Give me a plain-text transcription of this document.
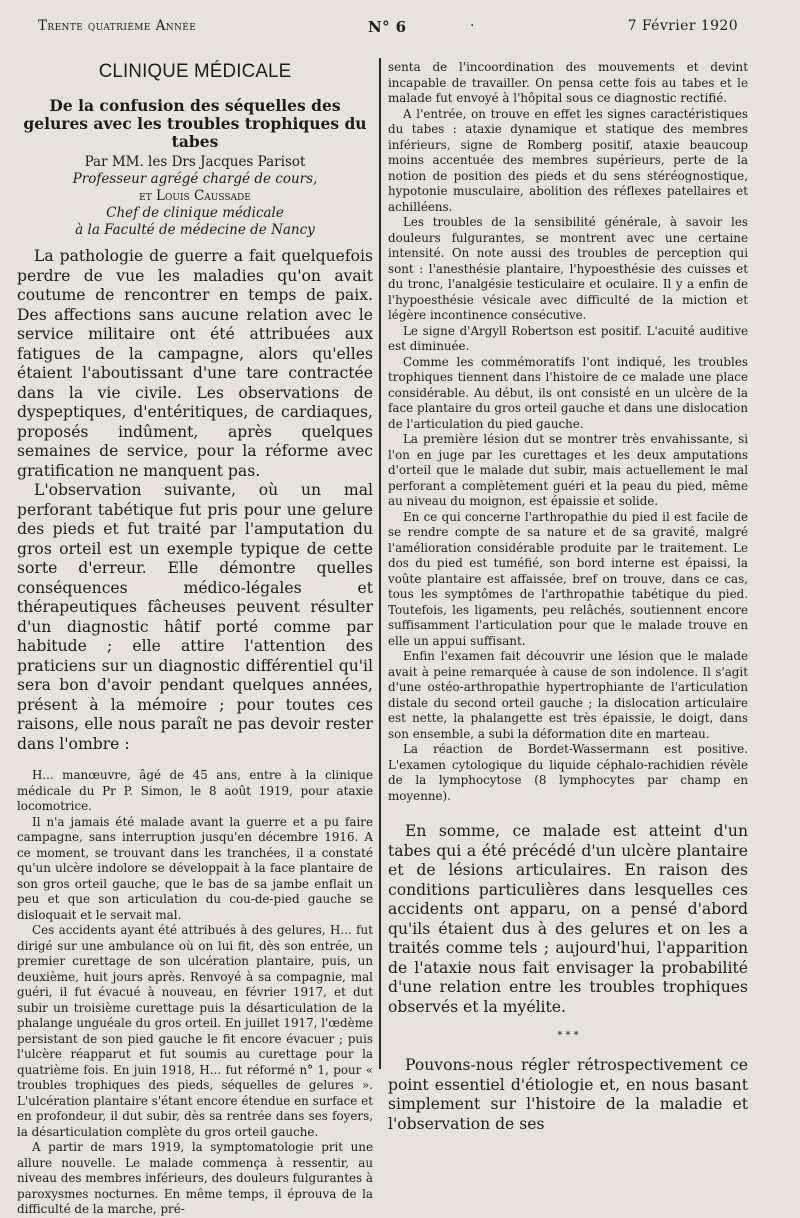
Trente quatrième Année	N° 6	·	7 Février 1920
CLINIQUE MÉDICALE
De la confusion des séquelles des gelures avec les troubles trophiques du tabes
Par MM. les Drs Jacques Parisot
Professeur agrégé chargé de cours,
et Louis Caussade
Chef de clinique médicale
à la Faculté de médecine de Nancy

La pathologie de guerre a fait quelquefois perdre de vue les maladies qu'on avait coutume de rencontrer en temps de paix. Des affections sans aucune relation avec le service militaire ont été attribuées aux fatigues de la campagne, alors qu'elles étaient l'aboutissant d'une tare contractée dans la vie civile. Les observations de dyspeptiques, d'entéritiques, de cardiaques, proposés indûment, après quelques semaines de service, pour la réforme avec gratification ne manquent pas.

L'observation suivante, où un mal perforant tabétique fut pris pour une gelure des pieds et fut traité par l'amputation du gros orteil est un exemple typique de cette sorte d'erreur. Elle démontre quelles conséquences médico-légales et thérapeutiques fâcheuses peuvent résulter d'un diagnostic hâtif porté comme par habitude ; elle attire l'attention des praticiens sur un diagnostic différentiel qu'il sera bon d'avoir pendant quelques années, présent à la mémoire ; pour toutes ces raisons, elle nous paraît ne pas devoir rester dans l'ombre :

H... manœuvre, âgé de 45 ans, entre à la clinique médicale du Pr P. Simon, le 8 août 1919, pour ataxie locomotrice.

Il n'a jamais été malade avant la guerre et a pu faire campagne, sans interruption jusqu'en décembre 1916. A ce moment, se trouvant dans les tranchées, il a constaté qu'un ulcère indolore se développait à la face plantaire de son gros orteil gauche, que le bas de sa jambe enflait un peu et que son articulation du cou-de-pied gauche se disloquait et le servait mal.

Ces accidents ayant été attribués à des gelures, H... fut dirigé sur une ambulance où on lui fit, dès son entrée, un premier curettage de son ulcération plantaire, puis, un deuxième, huit jours après. Renvoyé à sa compagnie, mal guéri, il fut évacué à nouveau, en février 1917, et dut subir un troisième curettage puis la désarticulation de la phalange unguéale du gros orteil. En juillet 1917, l'œdème persistant de son pied gauche le fit encore évacuer ; puis l'ulcère réapparut et fut soumis au curettage pour la quatrième fois. En juin 1918, H... fut réformé n° 1, pour « troubles trophiques des pieds, séquelles de gelures ». L'ulcération plantaire s'étant encore étendue en surface et en profondeur, il dut subir, dès sa rentrée dans ses foyers, la désarticulation complète du gros orteil gauche.

A partir de mars 1919, la symptomatologie prit une allure nouvelle. Le malade commença à ressentir, au niveau des membres inférieurs, des douleurs fulgurantes à paroxysmes nocturnes. En même temps, il éprouva de la difficulté de la marche, pré-

senta de l'incoordination des mouvements et devint incapable de travailler. On pensa cette fois au tabes et le malade fut envoyé à l'hôpital sous ce diagnostic rectifié.

A l'entrée, on trouve en effet les signes caractéristiques du tabes : ataxie dynamique et statique des membres inférieurs, signe de Romberg positif, ataxie beaucoup moins accentuée des membres supérieurs, perte de la notion de position des pieds et du sens stéréognostique, hypotonie musculaire, abolition des réflexes patellaires et achilléens.

Les troubles de la sensibilité générale, à savoir les douleurs fulgurantes, se montrent avec une certaine intensité. On note aussi des troubles de perception qui sont : l'anesthésie plantaire, l'hypoesthésie des cuisses et du tronc, l'analgésie testiculaire et oculaire. Il y a enfin de l'hypoesthésie vésicale avec difficulté de la miction et légère incontinence consécutive.

Le signe d'Argyll Robertson est positif. L'acuité auditive est diminuée.

Comme les commémoratifs l'ont indiqué, les troubles trophiques tiennent dans l'histoire de ce malade une place considérable. Au début, ils ont consisté en un ulcère de la face plantaire du gros orteil gauche et dans une dislocation de l'articulation du pied gauche.

La première lésion dut se montrer très envahissante, si l'on en juge par les curettages et les deux amputations d'orteil que le malade dut subir, mais actuellement le mal perforant a complètement guéri et la peau du pied, même au niveau du moignon, est épaissie et solide.

En ce qui concerne l'arthropathie du pied il est facile de se rendre compte de sa nature et de sa gravité, malgré l'amélioration considérable produite par le traitement. Le dos du pied est tuméfié, son bord interne est épaissi, la voûte plantaire est affaissée, bref on trouve, dans ce cas, tous les symptômes de l'arthropathie tabétique du pied. Toutefois, les ligaments, peu relâchés, soutiennent encore suffisamment l'articulation pour que le malade trouve en elle un appui suffisant.

Enfin l'examen fait découvrir une lésion que le malade avait à peine remarquée à cause de son indolence. Il s'agit d'une ostéo-arthropathie hypertrophiante de l'articulation distale du second orteil gauche ; la dislocation articulaire est nette, la phalangette est très épaissie, le doigt, dans son ensemble, a subi la déformation dite en marteau.

La réaction de Bordet-Wassermann est positive. L'examen cytologique du liquide céphalo-rachidien révèle de la lymphocytose (8 lymphocytes par champ en moyenne).

En somme, ce malade est atteint d'un tabes qui a été précédé d'un ulcère plantaire et de lésions articulaires. En raison des conditions particulières dans lesquelles ces accidents ont apparu, on a pensé d'abord qu'ils étaient dus à des gelures et on les a traités comme tels ; aujourd'hui, l'apparition de l'ataxie nous fait envisager la probabilité d'une relation entre les troubles trophiques observés et la myélite.

* * *

Pouvons-nous régler rétrospectivement ce point essentiel d'étiologie et, en nous basant simplement sur l'histoire de la maladie et l'observation de ses
